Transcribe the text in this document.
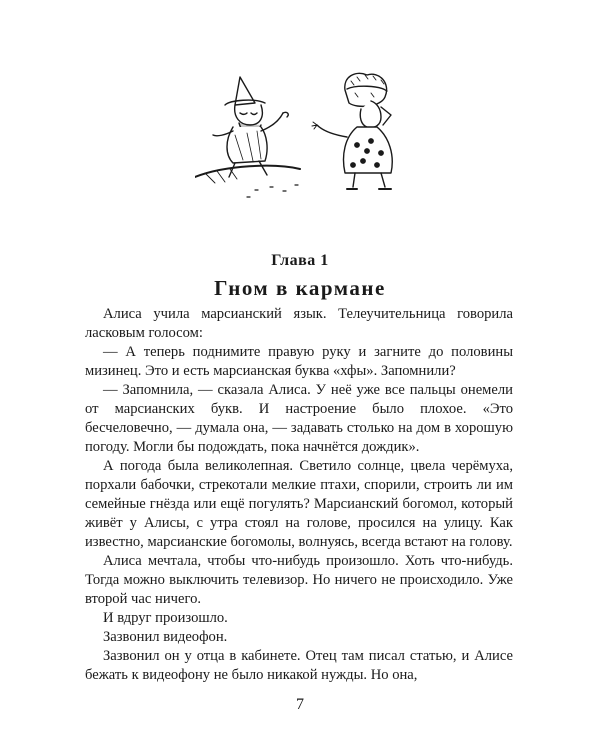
Глава 1
Гном в кармане

Алиса учила марсианский язык. Телеучительница говорила ласковым голосом:

— А теперь поднимите правую руку и загните до половины мизинец. Это и есть марсианская буква «хфы». Запомнили?

— Запомнила, — сказала Алиса. У неё уже все пальцы онемели от марсианских букв. И настроение было плохое. «Это бесчеловечно, — думала она, — задавать столько на дом в хорошую погоду. Могли бы подождать, пока начнётся дождик».

А погода была великолепная. Светило солнце, цвела черёмуха, порхали бабочки, стрекотали мелкие птахи, спорили, строить ли им семейные гнёзда или ещё погулять? Марсианский богомол, который живёт у Алисы, с утра стоял на голове, просился на улицу. Как известно, марсианские богомолы, волнуясь, всегда встают на голову.

Алиса мечтала, чтобы что-нибудь произошло. Хоть что-нибудь. Тогда можно выключить телевизор. Но ничего не происходило. Уже второй час ничего.

И вдруг произошло.

Зазвонил видеофон.

Зазвонил он у отца в кабинете. Отец там писал статью, и Алисе бежать к видеофону не было никакой нужды. Но она,

7
